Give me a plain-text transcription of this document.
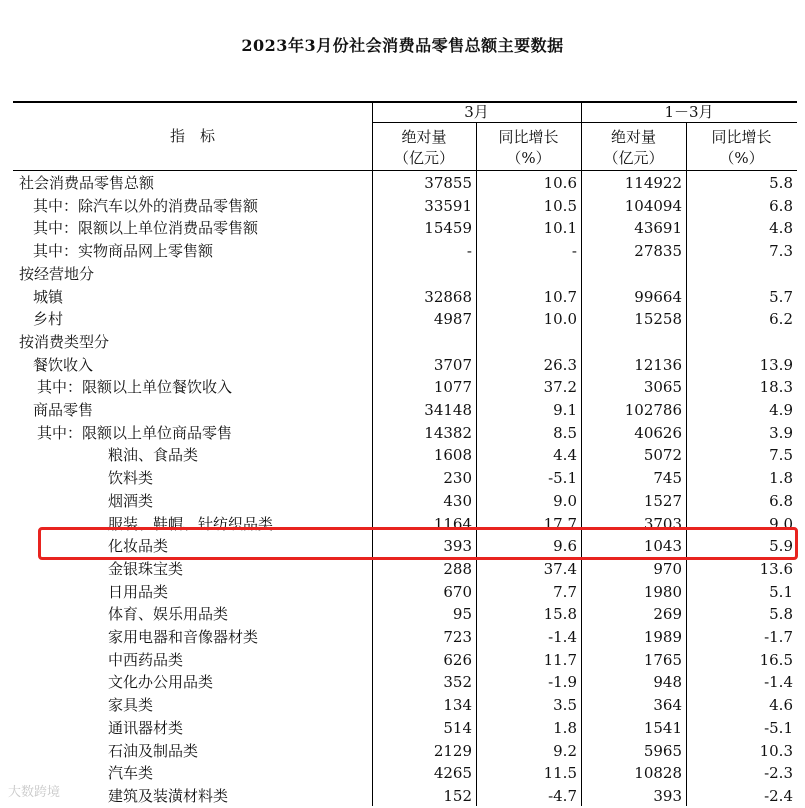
2023年3月份社会消费品零售总额主要数据
指　标
3月	1－3月
绝对量
（亿元）
同比增长
（%）
绝对量
（亿元）
同比增长
（%）
社会消费品零售总额	37855	10.6	114922	5.8
其中：除汽车以外的消费品零售额	33591	10.5	104094	6.8
其中：限额以上单位消费品零售额	15459	10.1	43691	4.8
其中：实物商品网上零售额	-	-	27835	7.3
按经营地分
城镇	32868	10.7	99664	5.7
乡村	4987	10.0	15258	6.2
按消费类型分
餐饮收入	3707	26.3	12136	13.9
其中：限额以上单位餐饮收入	1077	37.2	3065	18.3
商品零售	34148	9.1	102786	4.9
其中：限额以上单位商品零售	14382	8.5	40626	3.9
粮油、食品类	1608	4.4	5072	7.5
饮料类	230	-5.1	745	1.8
烟酒类	430	9.0	1527	6.8
服装、鞋帽、针纺织品类	1164	17.7	3703	9.0
化妆品类	393	9.6	1043	5.9
金银珠宝类	288	37.4	970	13.6
日用品类	670	7.7	1980	5.1
体育、娱乐用品类	95	15.8	269	5.8
家用电器和音像器材类	723	-1.4	1989	-1.7
中西药品类	626	11.7	1765	16.5
文化办公用品类	352	-1.9	948	-1.4
家具类	134	3.5	364	4.6
通讯器材类	514	1.8	1541	-5.1
石油及制品类	2129	9.2	5965	10.3
汽车类	4265	11.5	10828	-2.3
建筑及装潢材料类	152	-4.7	393	-2.4
大数跨境
